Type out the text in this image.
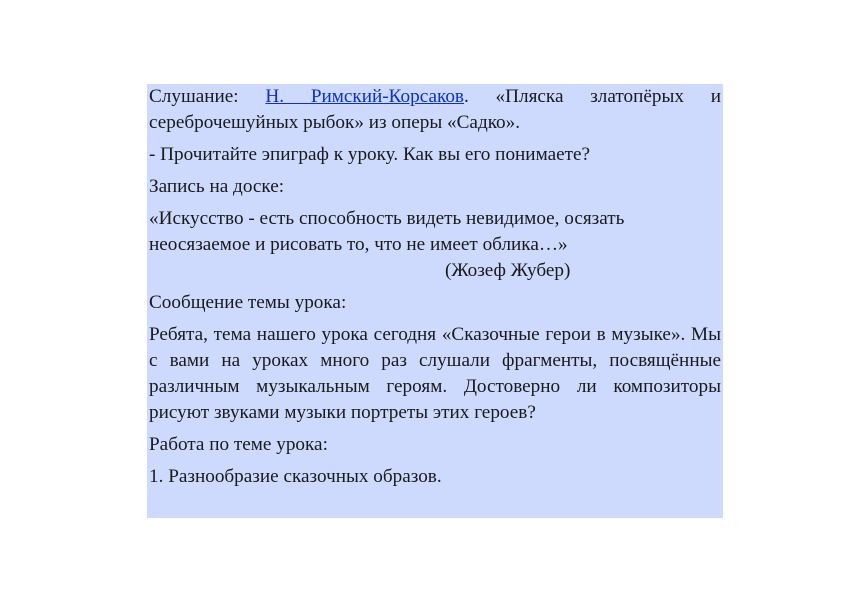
Слушание: Н. Римский-Корсаков. «Пляска златопёрых и сереброчешуйных рыбок» из оперы «Садко».

- Прочитайте эпиграф к уроку. Как вы его понимаете?

Запись на доске:

«Искусство - есть способность видеть невидимое, осязать
неосязаемое и рисовать то, что не имеет облика…»
(Жозеф Жубер)

Сообщение темы урока:

Ребята, тема нашего урока сегодня «Сказочные герои в музыке». Мы с вами на уроках много раз слушали фрагменты, посвящённые различным музыкальным героям. Достоверно ли композиторы рисуют звуками музыки портреты этих героев?

Работа по теме урока:

1. Разнообразие сказочных образов.
